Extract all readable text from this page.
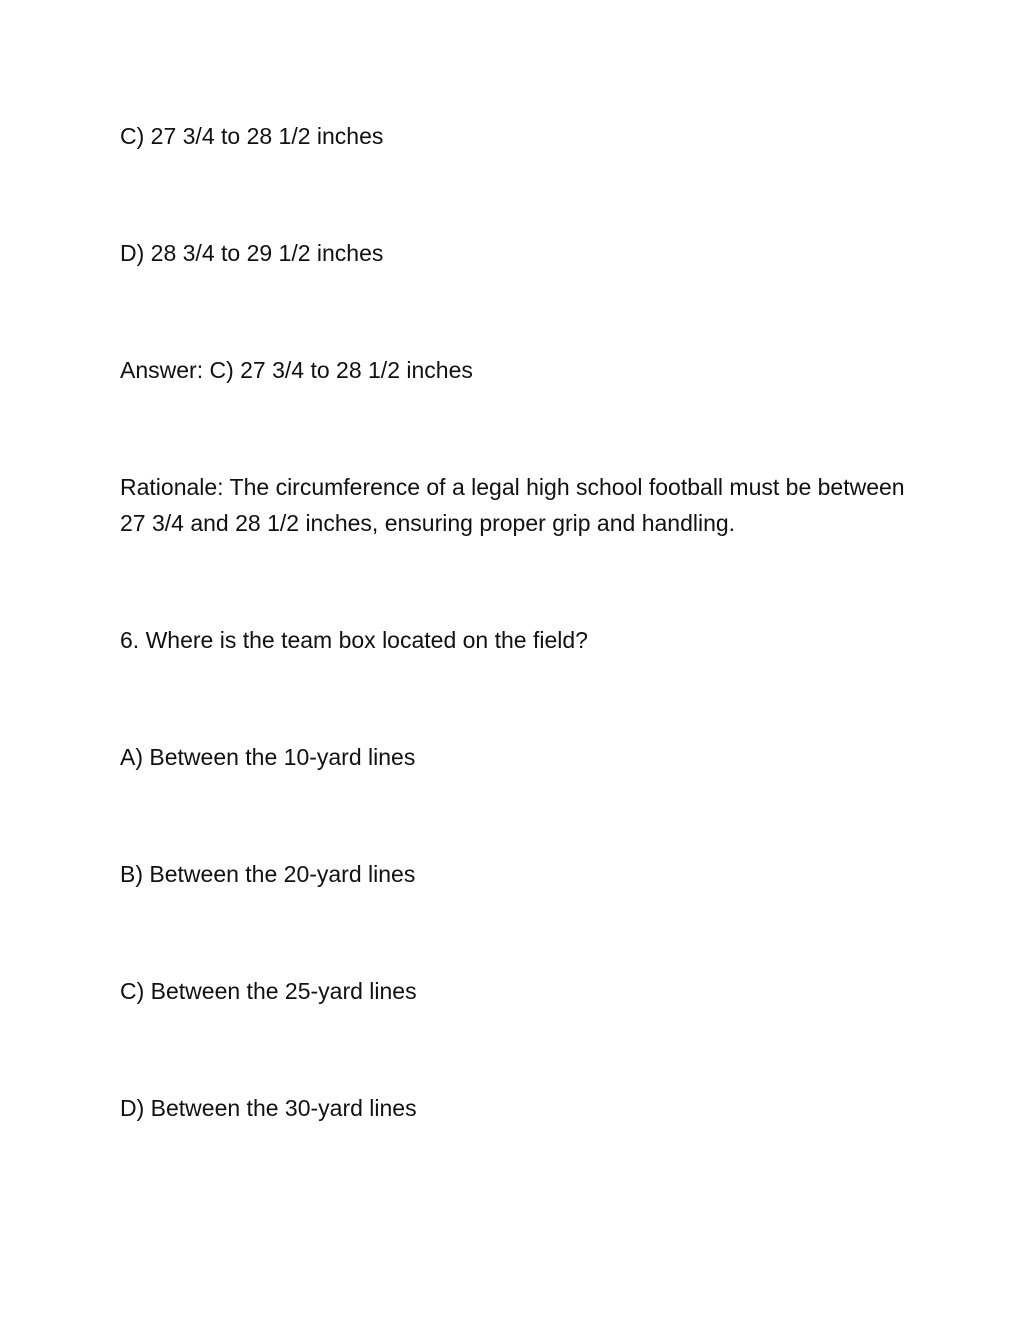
C) 27 3/4 to 28 1/2 inches
D) 28 3/4 to 29 1/2 inches
Answer: C) 27 3/4 to 28 1/2 inches
Rationale: The circumference of a legal high school football must be between 27 3/4 and 28 1/2 inches, ensuring proper grip and handling.
6. Where is the team box located on the field?
A) Between the 10-yard lines
B) Between the 20-yard lines
C) Between the 25-yard lines
D) Between the 30-yard lines
